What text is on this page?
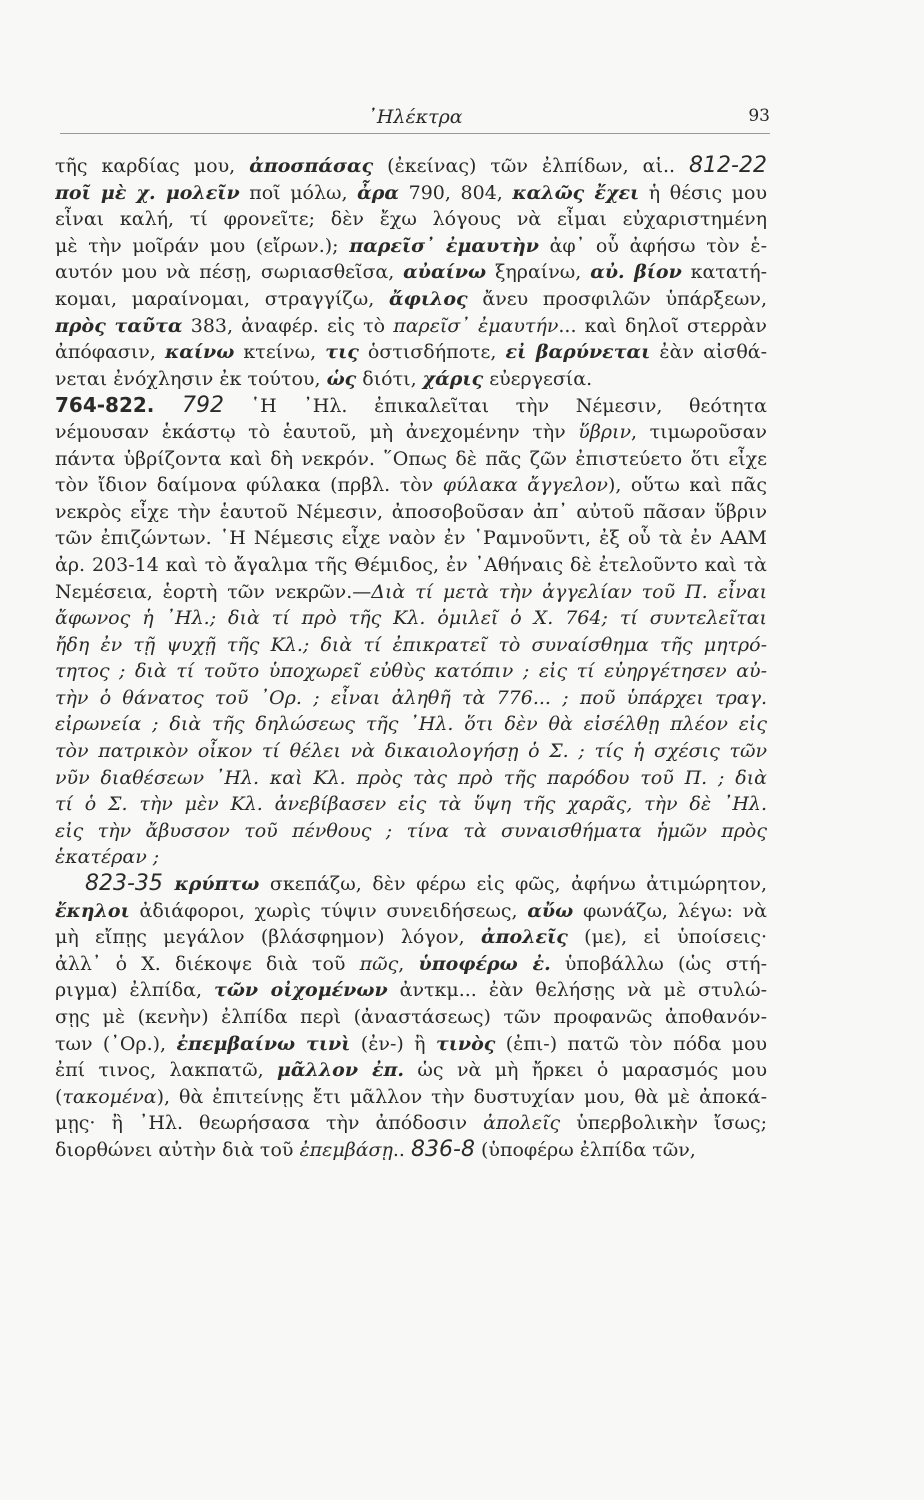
᾿Ηλέκτρα	93
τῆς καρδίας μου, ἀποσπάσας (ἐκείνας) τῶν ἐλπίδων, αἱ.. 812-22
ποῖ μὲ χ. μολεῖν ποῖ μόλω, ἆρα 790, 804, καλῶς ἔχει ἡ θέσις μου
εἶναι καλή, τί φρονεῖτε; δὲν ἔχω λόγους νὰ εἶμαι εὐχαριστημένη
μὲ τὴν μοῖράν μου (εἴρων.); παρεῖσ᾿ ἐμαυτὴν ἀφ᾿ οὗ ἀφήσω τὸν ἑ-
αυτόν μου νὰ πέσῃ, σωριασθεῖσα, αὐαίνω ξηραίνω, αὐ. βίον κατατή-
κομαι, μαραίνομαι, στραγγίζω, ἄφιλος ἄνευ προσφιλῶν ὑπάρξεων,
πρὸς ταῦτα 383, ἀναφέρ. εἰς τὸ παρεῖσ᾿ ἐμαυτήν... καὶ δηλοῖ στερρὰν
ἀπόφασιν, καίνω κτείνω, τις ὁστισδήποτε, εἰ βαρύνεται ἐὰν αἰσθά-
νεται ἐνόχλησιν ἐκ τούτου, ὡς διότι, χάρις εὐεργεσία.
764-822. 792 ῾Η ᾿Ηλ. ἐπικαλεῖται τὴν Νέμεσιν, θεότητα
νέμουσαν ἑκάστῳ τὸ ἑαυτοῦ, μὴ ἀνεχομένην τὴν ὕβριν, τιμωροῦσαν
πάντα ὑβρίζοντα καὶ δὴ νεκρόν. ῞Οπως δὲ πᾶς ζῶν ἐπιστεύετο ὅτι εἶχε
τὸν ἴδιον δαίμονα φύλακα (πρβλ. τὸν φύλακα ἄγγελον), οὕτω καὶ πᾶς
νεκρὸς εἶχε τὴν ἑαυτοῦ Νέμεσιν, ἀποσοβοῦσαν ἀπ᾿ αὐτοῦ πᾶσαν ὕβριν
τῶν ἐπιζώντων. ῾Η Νέμεσις εἶχε ναὸν ἐν ῾Ραμνοῦντι, ἐξ οὗ τὰ ἐν ΑΑΜ
ἀρ. 203-14 καὶ τὸ ἄγαλμα τῆς Θέμιδος, ἐν ᾿Αθήναις δὲ ἐτελοῦντο καὶ τὰ
Νεμέσεια, ἑορτὴ τῶν νεκρῶν.—Διὰ τί μετὰ τὴν ἀγγελίαν τοῦ Π. εἶναι
ἄφωνος ἡ ᾿Ηλ.; διὰ τί πρὸ τῆς Κλ. ὁμιλεῖ ὁ Χ. 764; τί συντελεῖται
ἤδη ἐν τῇ ψυχῇ τῆς Κλ.; διὰ τί ἐπικρατεῖ τὸ συναίσθημα τῆς μητρό-
τητος ; διὰ τί τοῦτο ὑποχωρεῖ εὐθὺς κατόπιν ; εἰς τί εὐηργέτησεν αὐ-
τὴν ὁ θάνατος τοῦ ᾿Ορ. ; εἶναι ἀληθῆ τὰ 776... ; ποῦ ὑπάρχει τραγ.
εἰρωνεία ; διὰ τῆς δηλώσεως τῆς ᾿Ηλ. ὅτι δὲν θὰ εἰσέλθῃ πλέον εἰς
τὸν πατρικὸν οἶκον τί θέλει νὰ δικαιολογήσῃ ὁ Σ. ; τίς ἡ σχέσις τῶν
νῦν διαθέσεων ᾿Ηλ. καὶ Κλ. πρὸς τὰς πρὸ τῆς παρόδου τοῦ Π. ; διὰ
τί ὁ Σ. τὴν μὲν Κλ. ἀνεβίβασεν εἰς τὰ ὕψη τῆς χαρᾶς, τὴν δὲ ᾿Ηλ.
εἰς τὴν ἄβυσσον τοῦ πένθους ; τίνα τὰ συναισθήματα ἡμῶν πρὸς
ἑκατέραν ;
823-35 κρύπτω σκεπάζω, δὲν φέρω εἰς φῶς, ἀφήνω ἀτιμώρητον,
ἔκηλοι ἀδιάφοροι, χωρὶς τύψιν συνειδήσεως, αὔω φωνάζω, λέγω: νὰ
μὴ εἴπῃς μεγάλον (βλάσφημον) λόγον, ἀπολεῖς (με), εἰ ὑποίσεις·
ἀλλ᾿ ὁ Χ. διέκοψε διὰ τοῦ πῶς, ὑποφέρω ἐ. ὑποβάλλω (ὡς στή-
ριγμα) ἐλπίδα, τῶν οἰχομένων ἀντκμ... ἐὰν θελήσῃς νὰ μὲ στυλώ-
σῃς μὲ (κενὴν) ἐλπίδα περὶ (ἀναστάσεως) τῶν προφανῶς ἀποθανόν-
των (᾿Ορ.), ἐπεμβαίνω τινὶ (ἐν-) ἢ τινὸς (ἐπι-) πατῶ τὸν πόδα μου
ἐπί τινος, λακπατῶ, μᾶλλον ἐπ. ὡς νὰ μὴ ἤρκει ὁ μαρασμός μου
(τακομένα), θὰ ἐπιτείνῃς ἔτι μᾶλλον τὴν δυστυχίαν μου, θὰ μὲ ἀποκά-
μῃς· ἢ ᾿Ηλ. θεωρήσασα τὴν ἀπόδοσιν ἀπολεῖς ὑπερβολικὴν ἴσως;
διορθώνει αὐτὴν διὰ τοῦ ἐπεμβάσῃ.. 836-8 (ὑποφέρω ἐλπίδα τῶν,
